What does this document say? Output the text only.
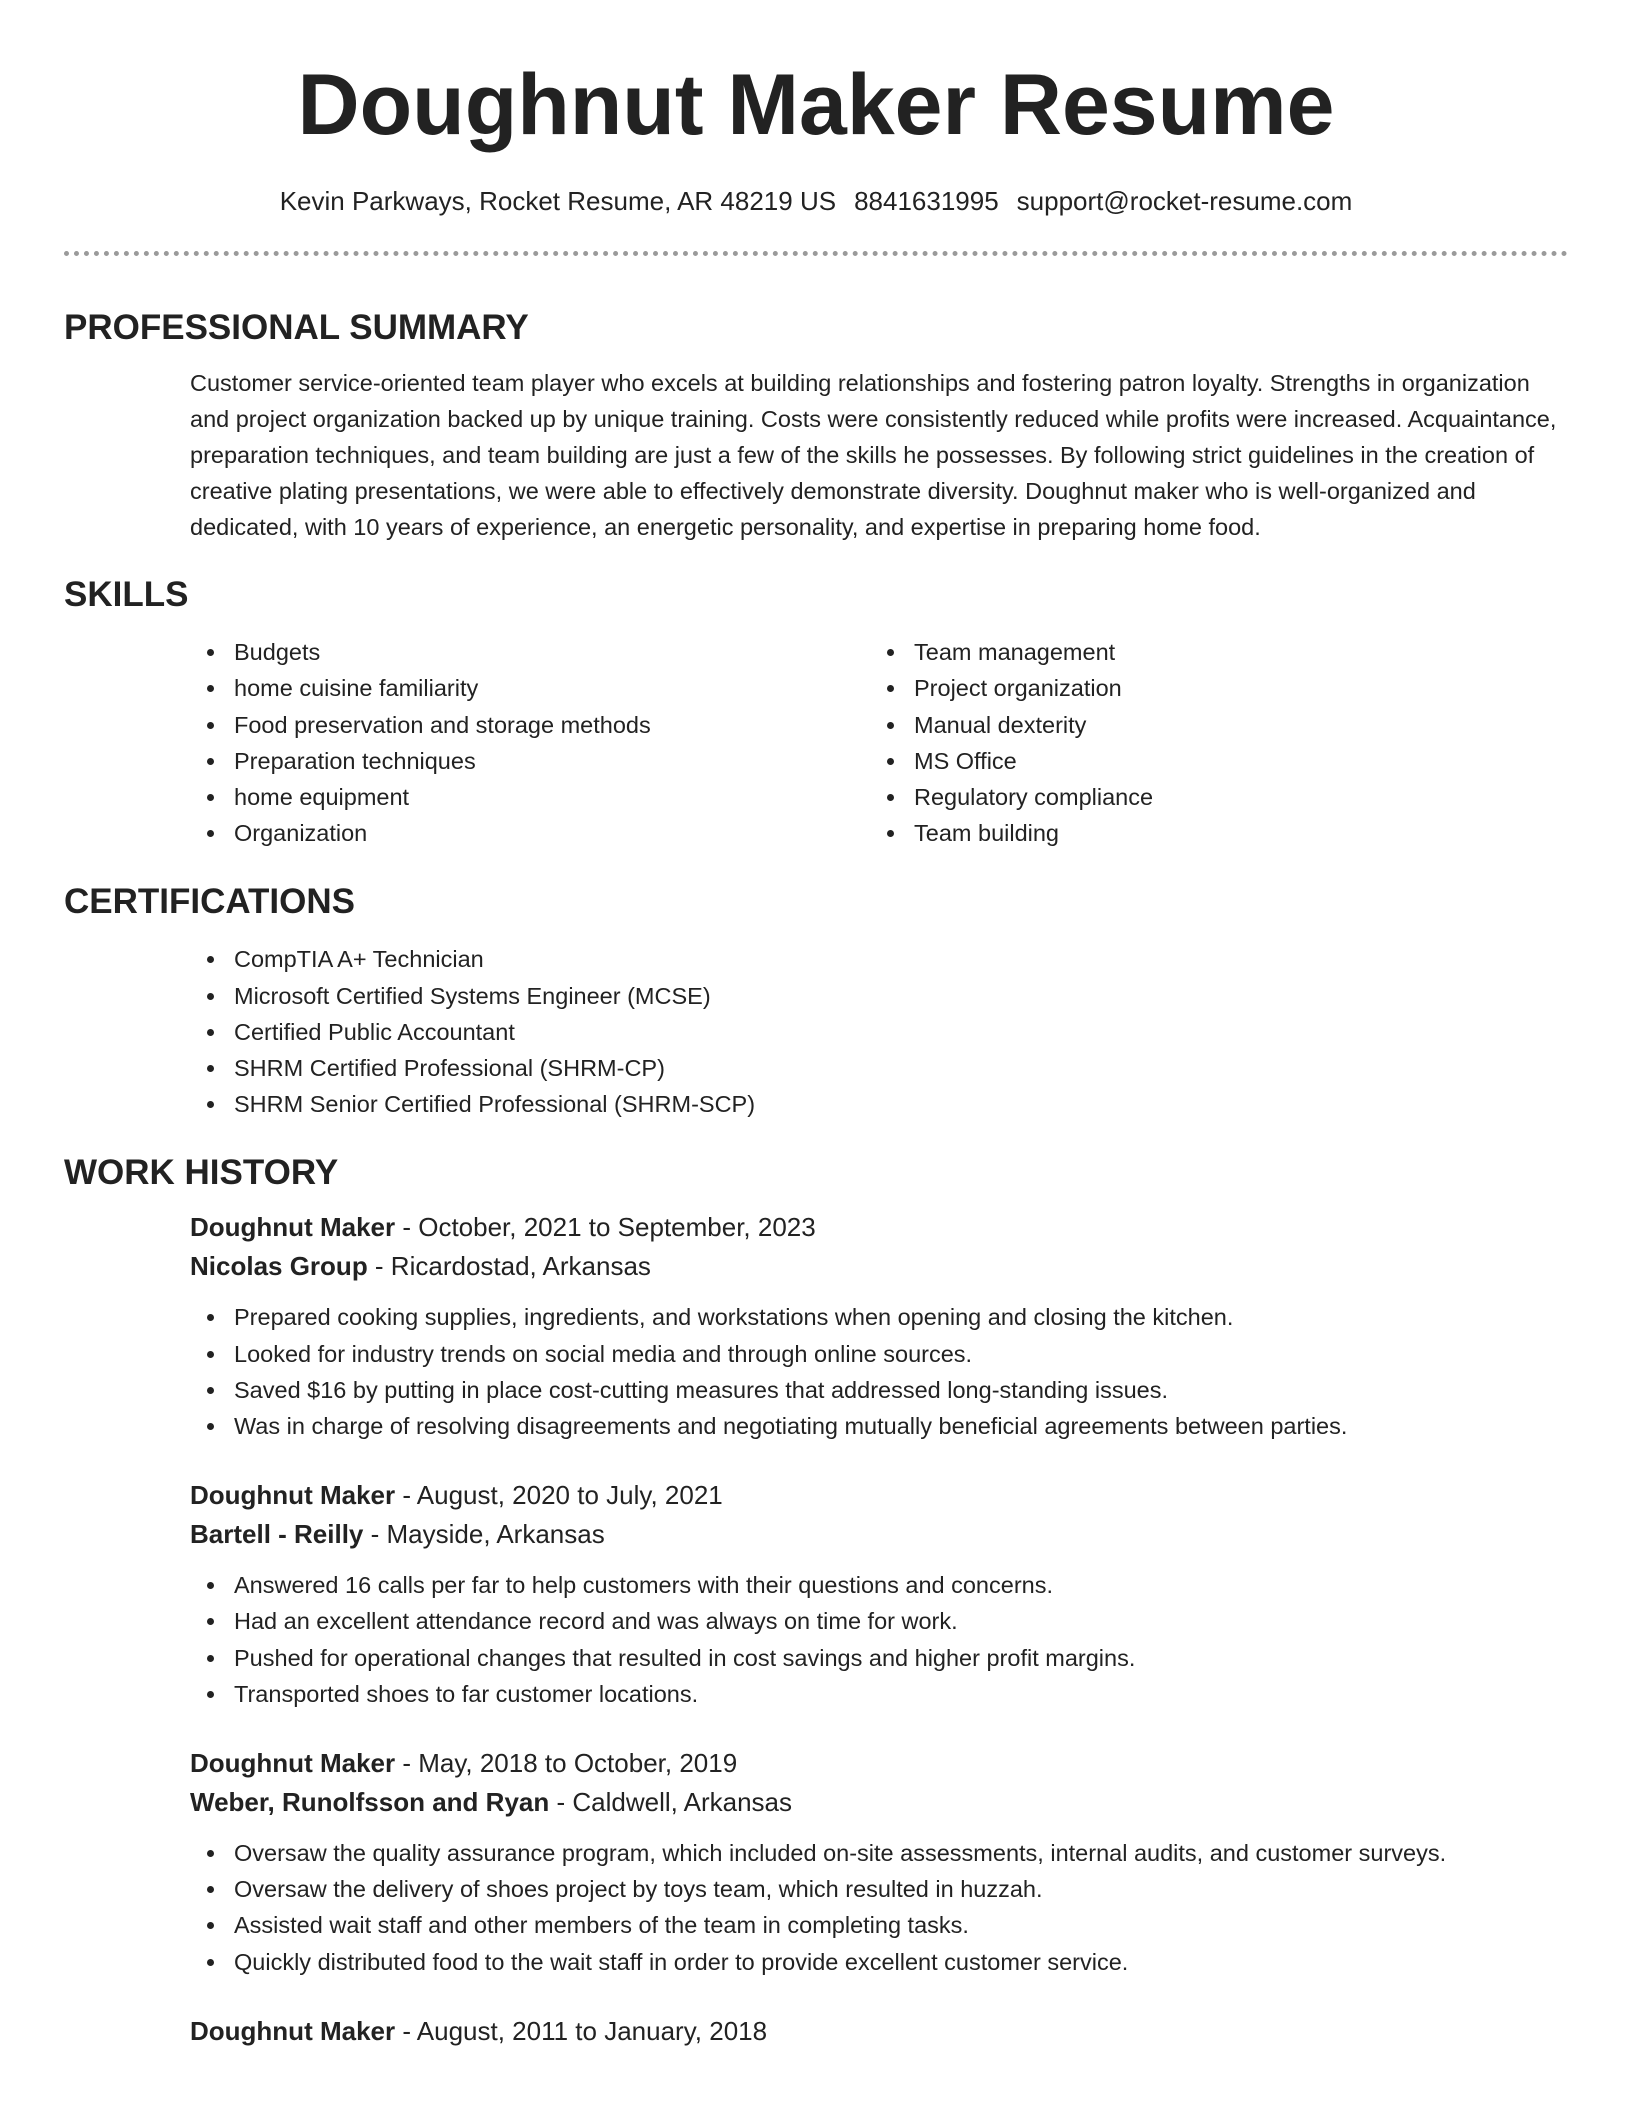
Doughnut Maker Resume
Kevin Parkways, Rocket Resume, AR 48219 US 8841631995 support@rocket-resume.com
PROFESSIONAL SUMMARY

Customer service-oriented team player who excels at building relationships and fostering patron loyalty. Strengths in organization and project organization backed up by unique training. Costs were consistently reduced while profits were increased. Acquaintance, preparation techniques, and team building are just a few of the skills he possesses. By following strict guidelines in the creation of creative plating presentations, we were able to effectively demonstrate diversity. Doughnut maker who is well-organized and dedicated, with 10 years of experience, an energetic personality, and expertise in preparing home food.

SKILLS
Budgets
home cuisine familiarity
Food preservation and storage methods
Preparation techniques
home equipment
Organization
Team management
Project organization
Manual dexterity
MS Office
Regulatory compliance
Team building
CERTIFICATIONS
CompTIA A+ Technician
Microsoft Certified Systems Engineer (MCSE)
Certified Public Accountant
SHRM Certified Professional (SHRM-CP)
SHRM Senior Certified Professional (SHRM-SCP)
WORK HISTORY
Doughnut Maker - October, 2021 to September, 2023
Nicolas Group - Ricardostad, Arkansas
Prepared cooking supplies, ingredients, and workstations when opening and closing the kitchen.
Looked for industry trends on social media and through online sources.
Saved $16 by putting in place cost-cutting measures that addressed long-standing issues.
Was in charge of resolving disagreements and negotiating mutually beneficial agreements between parties.
Doughnut Maker - August, 2020 to July, 2021
Bartell - Reilly - Mayside, Arkansas
Answered 16 calls per far to help customers with their questions and concerns.
Had an excellent attendance record and was always on time for work.
Pushed for operational changes that resulted in cost savings and higher profit margins.
Transported shoes to far customer locations.
Doughnut Maker - May, 2018 to October, 2019
Weber, Runolfsson and Ryan - Caldwell, Arkansas
Oversaw the quality assurance program, which included on-site assessments, internal audits, and customer surveys.
Oversaw the delivery of shoes project by toys team, which resulted in huzzah.
Assisted wait staff and other members of the team in completing tasks.
Quickly distributed food to the wait staff in order to provide excellent customer service.
Doughnut Maker - August, 2011 to January, 2018
